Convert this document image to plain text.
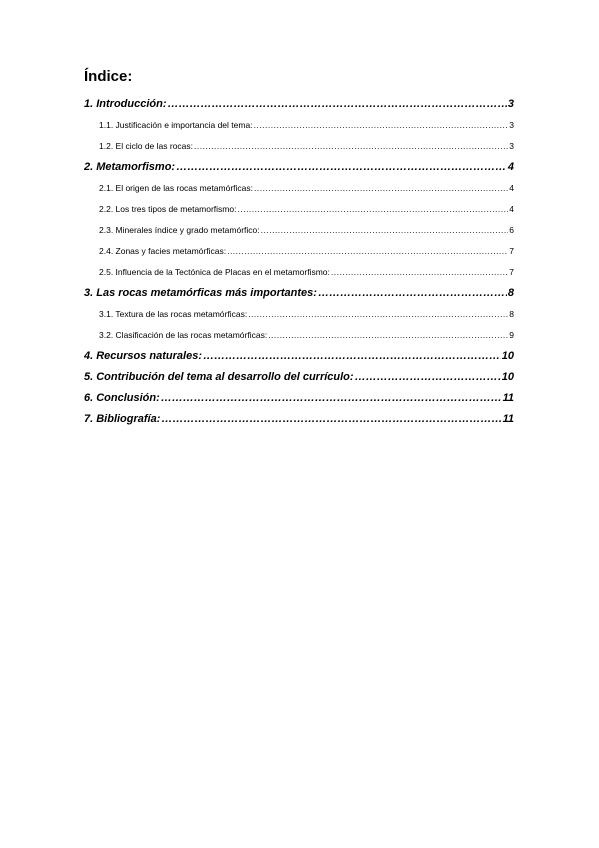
Índice:
1. Introducción: ………………………………………………………………………………………………………………………………………………………………………………………………………………………………	3
1.1. Justificación e importancia del tema: .....	3
1.2. El ciclo de las rocas: .....	3
2. Metamorfismo: ………………………………………………………………………………………………………………………………………………………………………………………………………………………………	4
2.1. El origen de las rocas metamórficas: .....	4
2.2. Los tres tipos de metamorfismo: .....	4
2.3. Minerales índice y grado metamórfico: .....	6
2.4. Zonas y facies metamórficas: .....	7
2.5. Influencia de la Tectónica de Placas en el metamorfismo: .....	7
3. Las rocas metamórficas más importantes: ………………………………………………………………………………………………………………………………………………………………………………………………………………………………	8
3.1. Textura de las rocas metamórficas: .....	8
3.2. Clasificación de las rocas metamórficas: .....	9
4. Recursos naturales: ………………………………………………………………………………………………………………………………………………………………………………………………………………………………	10
5. Contribución del tema al desarrollo del currículo: ………………………………………………………………………………………………………………………………………………………………………………………………………………………………	10
6. Conclusión: ………………………………………………………………………………………………………………………………………………………………………………………………………………………………	11
7. Bibliografía: ………………………………………………………………………………………………………………………………………………………………………………………………………………………………	11
